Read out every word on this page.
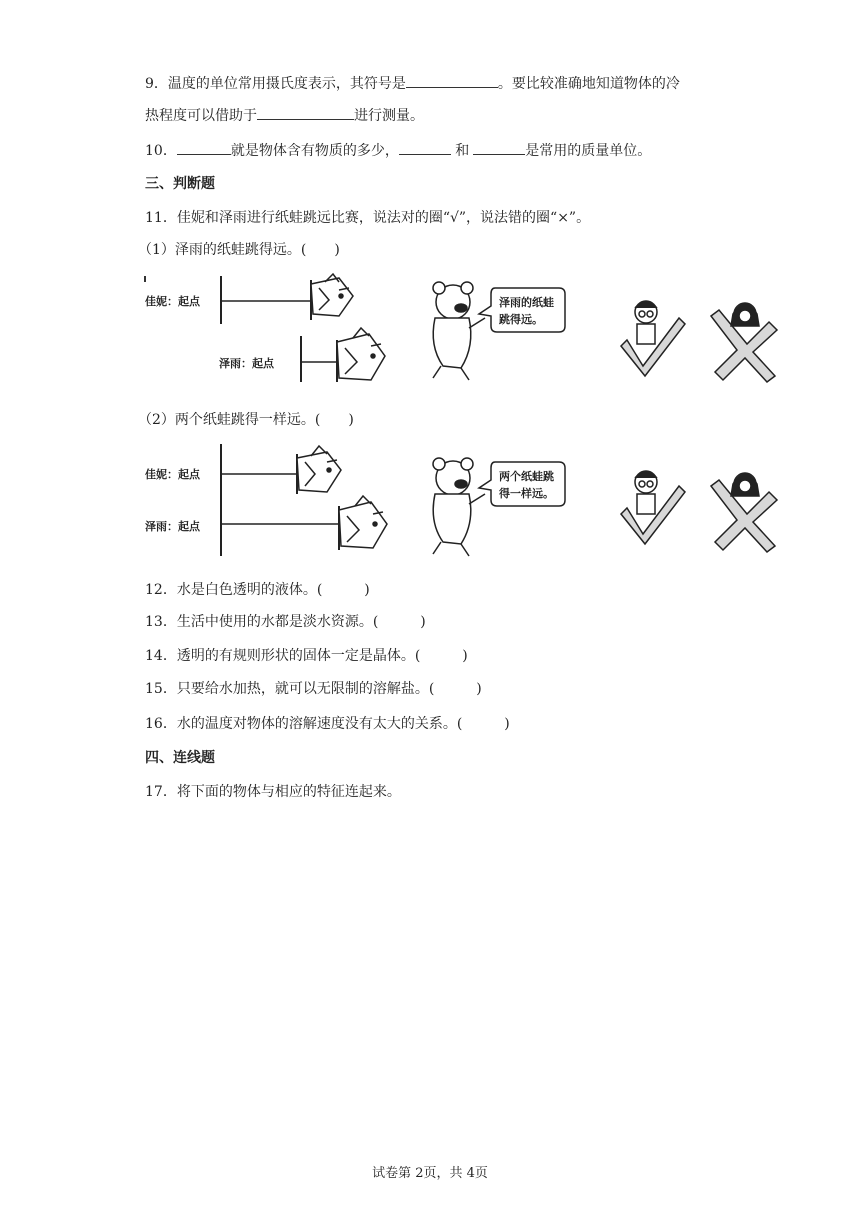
9．温度的单位常用摄氏度表示，其符号是	。要比较准确地知道物体的冷
热程度可以借助于	进行测量。
10．	就是物体含有物质的多少，	和	是常用的质量单位。
三、判断题
11．佳妮和泽雨进行纸蛙跳远比赛，说法对的圈“√”，说法错的圈“×”。
（1）泽雨的纸蛙跳得远。(　　)
佳妮：起点
泽雨：起点
泽雨的纸蛙
跳得远。
（2）两个纸蛙跳得一样远。(　　)
佳妮：起点
泽雨：起点
两个纸蛙跳
得一样远。
12．水是白色透明的液体。(　　　)
13．生活中使用的水都是淡水资源。(　　　)
14．透明的有规则形状的固体一定是晶体。(　　　)
15．只要给水加热，就可以无限制的溶解盐。(　　　)
16．水的温度对物体的溶解速度没有太大的关系。(　　　)
四、连线题
17．将下面的物体与相应的特征连起来。
试卷第 2页，共 4页
